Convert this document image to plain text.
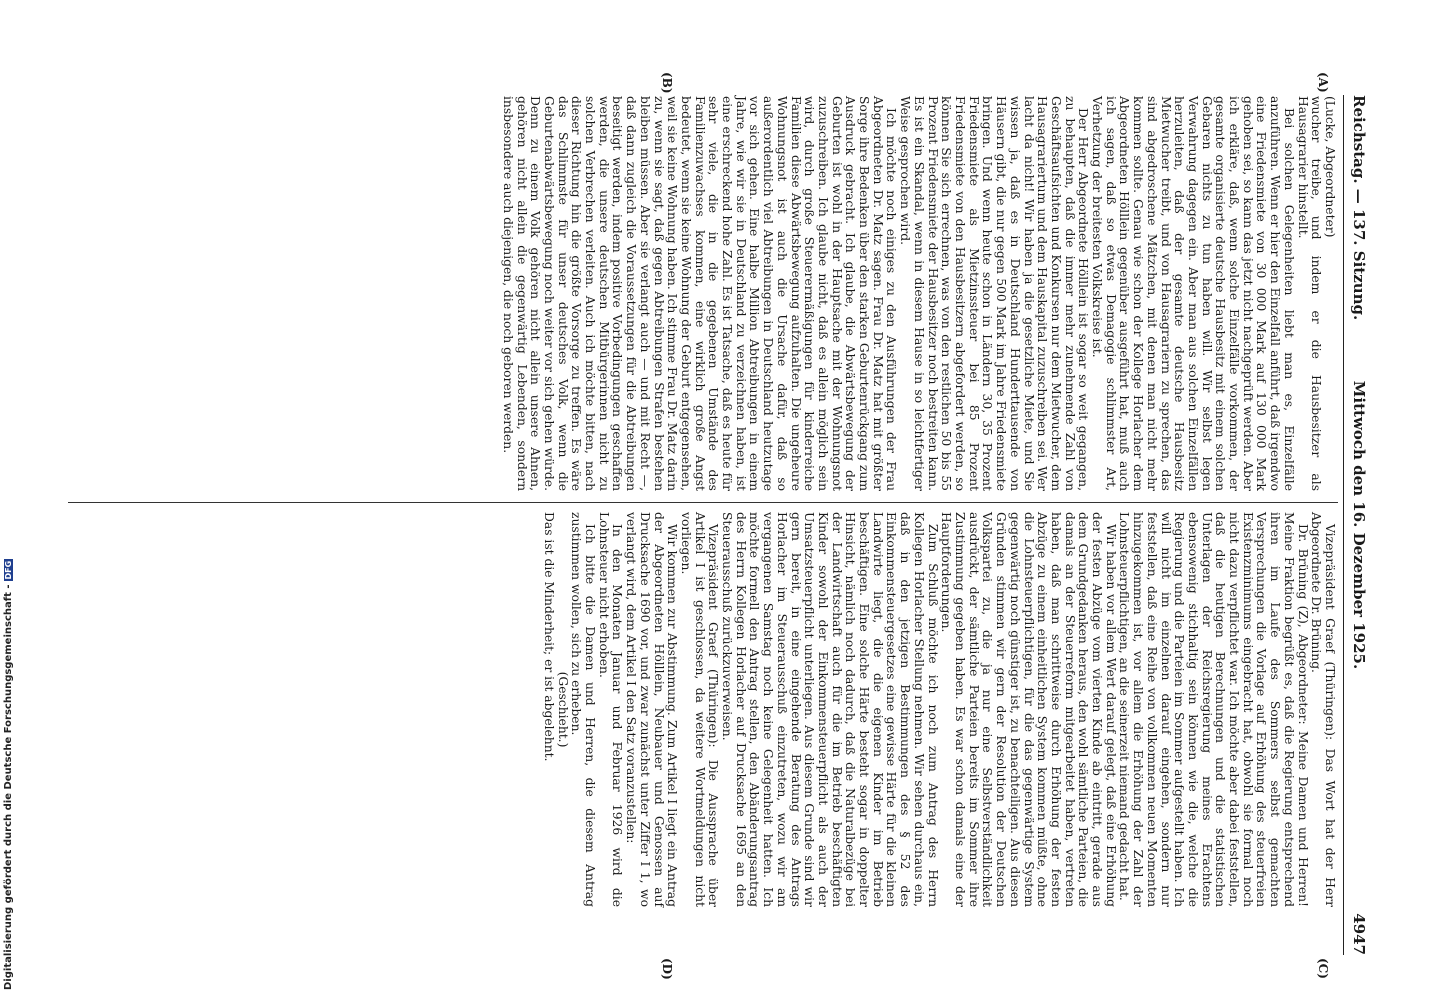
Reichstag. — 137. Sitzung.
Mittwoch den 16. Dezember 1925.
4947
(A)
(B)
(C)
(D)

(Lucke, Abgeordneter)

wucher treibe, und indem er die Hausbesitzer als Hausagrarier hinstellt.

Bei solchen Gelegenheiten liebt man es, Einzelfälle anzuführen. Wenn er hier den Einzelfall anführt, daß irgendwo eine Friedensmiete von 30 000 Mark auf 130 000 Mark gehoben sei, so kann das jetzt nicht nachgeprüft werden. Aber ich erkläre, daß, wenn solche Einzelfälle vorkommen, der gesamte organisierte deutsche Hausbesitz mit einem solchen Gebaren nichts zu tun haben will. Wir selbst legen Verwahrung dagegen ein. Aber man aus solchen Einzelfällen herzuleiten, daß der gesamte deutsche Hausbesitz Mietwucher treibt, und von Hausagrariern zu sprechen, das sind abgedroschene Mätzchen, mit denen man nicht mehr kommen sollte. Genau wie schon der Kollege Horlacher dem Abgeordneten Hölllein gegenüber ausgeführt hat, muß auch ich sagen, daß so etwas Demagogie schlimmster Art, Verhetzung der breitesten Volkskreise ist.

Der Herr Abgeordnete Hölllein ist sogar so weit gegangen, zu behaupten, daß die immer mehr zunehmende Zahl von Geschäftsaufsichten und Konkursen nur dem Mietwucher, dem Hausagrariertum und dem Hauskapital zuzuschreiben sei. Wer lacht da nicht! Wir haben ja die gesetzliche Miete, und Sie wissen ja, daß es in Deutschland Hunderttausende von Häusern gibt, die nur gegen 500 Mark im Jahre Friedensmiete bringen. Und wenn heute schon in Ländern 30, 35 Prozent Friedensmiete als Mietzinssteuer bei 85 Prozent Friedensmiete von den Hausbesitzern abgefordert werden, so können Sie sich errechnen, was von den restlichen 50 bis 55 Prozent Friedensmiete der Hausbesitzer noch bestreiten kann. Es ist ein Skandal, wenn in diesem Hause in so leichtfertiger Weise gesprochen wird.

Ich möchte noch einiges zu den Ausführungen der Frau Abgeordneten Dr. Matz sagen. Frau Dr. Matz hat mit größter Sorge ihre Bedenken über den starken Geburtenrückgang zum Ausdruck gebracht. Ich glaube, die Abwärtsbewegung der Geburten ist wohl in der Hauptsache mit der Wohnungsnot zuzuschreiben. Ich glaube nicht, daß es allein möglich sein wird, durch große Steuerermäßigungen für kinderreiche Familien diese Abwärtsbewegung aufzuhalten. Die ungeheure Wohnungsnot ist auch die Ursache dafür, daß so außerordentlich viel Abtreibungen in Deutschland heutzutage vor sich gehen. Eine halbe Million Abtreibungen in einem Jahre, wie wir sie in Deutschland zu verzeichnen haben, ist eine erschreckend hohe Zahl. Es ist Tatsache, daß es heute für sehr viele, die in die gegebenen Umstände des Familienzuwachses kommen, eine wirklich große Angst bedeutet, wenn sie keine Wohnung der Geburt entgegensehen, weil sie keine Wohnung haben. Ich stimme Frau Dr. Matz darin zu, wenn sie sagt, daß gegen Abtreibungen Strafen bestehen bleiben müssen. Aber sie verlangt auch — und mit Recht —, daß dann zugleich die Voraussetzungen für die Abtreibungen beseitigt werden, indem positive Vorbedingungen geschaffen werden, die unsere deutschen Mitbürgerinnen nicht zu solchen Verbrechen verleiten. Auch ich möchte bitten, nach dieser Richtung hin die größte Vorsorge zu treffen. Es wäre das Schlimmste für unser deutsches Volk, wenn die Geburtenabwärtsbewegung noch weiter vor sich gehen würde. Denn zu einem Volk gehören nicht allein unsere Ahnen, gehören nicht allein die gegenwärtig Lebenden, sondern insbesondere auch diejenigen, die noch geboren werden.

Vizepräsident Graef (Thüringen): Das Wort hat der Herr Abgeordnete Dr. Brüning.

Dr. Brüning (Z), Abgeordneter: Meine Damen und Herren! Meine Fraktion begrüßt es, daß die Regierung entsprechend ihren im Laufe des Sommers selbst gemachten Versprechungen die Vorlage auf Erhöhung des steuerfreien Existenzminimums eingebracht hat, obwohl sie formal noch nicht dazu verpflichtet war. Ich möchte aber dabei feststellen, daß die heutigen Berechnungen und die statistischen Unterlagen der Reichsregierung meines Erachtens ebensowenig stichhaltig sein können wie die, welche die Regierung und die Parteien im Sommer aufgestellt haben. Ich will nicht im einzelnen darauf eingehen, sondern nur feststellen, daß eine Reihe von vollkommen neuen Momenten hinzugekommen ist, vor allem die Erhöhung der Zahl der Lohnsteuerpflichtigen, an die seinerzeit niemand gedacht hat.

Wir haben vor allem Wert darauf gelegt, daß eine Erhöhung der festen Abzüge vom vierten Kinde ab eintritt, gerade aus dem Grundgedanken heraus, den wohl sämtliche Parteien, die damals an der Steuerreform mitgearbeitet haben, vertreten haben, daß man schrittweise durch Erhöhung der festen Abzüge zu einem einheitlichen System kommen müßte, ohne die Lohnsteuerpflichtigen, für die das gegenwärtige System gegenwärtig noch günstiger ist, zu benachteiligen. Aus diesen Gründen stimmen wir gern der Resolution der Deutschen Volkspartei zu, die ja nur eine Selbstverständlichkeit ausdrückt, der sämtliche Parteien bereits im Sommer ihre Zustimmung gegeben haben. Es war schon damals eine der Hauptforderungen.

Zum Schluß möchte ich noch zum Antrag des Herrn Kollegen Horlacher Stellung nehmen. Wir sehen durchaus ein, daß in den jetzigen Bestimmungen des § 52 des Einkommensteuergesetzes eine gewisse Härte für die kleinen Landwirte liegt, die die eigenen Kinder im Betrieb beschäftigen. Eine solche Härte besteht sogar in doppelter Hinsicht, nämlich noch dadurch, daß die Naturalbezüge bei der Landwirtschaft auch für die im Betrieb beschäftigten Kinder sowohl der Einkommensteuerpflicht als auch der Umsatzsteuerpflicht unterliegen. Aus diesem Grunde sind wir gern bereit, in eine eingehende Beratung des Antrags Horlacher im Steuerausschuß einzutreten, wozu wir am vergangenen Samstag noch keine Gelegenheit hatten. Ich möchte formell den Antrag stellen, den Abänderungsantrag des Herrn Kollegen Horlacher auf Drucksache 1695 an den Steuerausschuß zurückzuverweisen.

Vizepräsident Graef (Thüringen): Die Aussprache über Artikel I ist geschlossen, da weitere Wortmeldungen nicht vorliegen.

Wir kommen zur Abstimmung. Zum Artikel I liegt ein Antrag der Abgeordneten Hölllein, Neubauer und Genossen auf Drucksache 1690 vor, und zwar zunächst unter Ziffer I 1, wo verlangt wird, dem Artikel I den Satz voranzustellen:

In den Monaten Januar und Februar 1926 wird die Lohnsteuer nicht erhoben.

Ich bitte die Damen und Herren, die diesem Antrag zustimmen wollen, sich zu erheben.

(Geschieht.)

Das ist die Minderheit; er ist abgelehnt.

Digitalisierung gefördert durch die Deutsche Forschungsgemeinschaft -DFG
